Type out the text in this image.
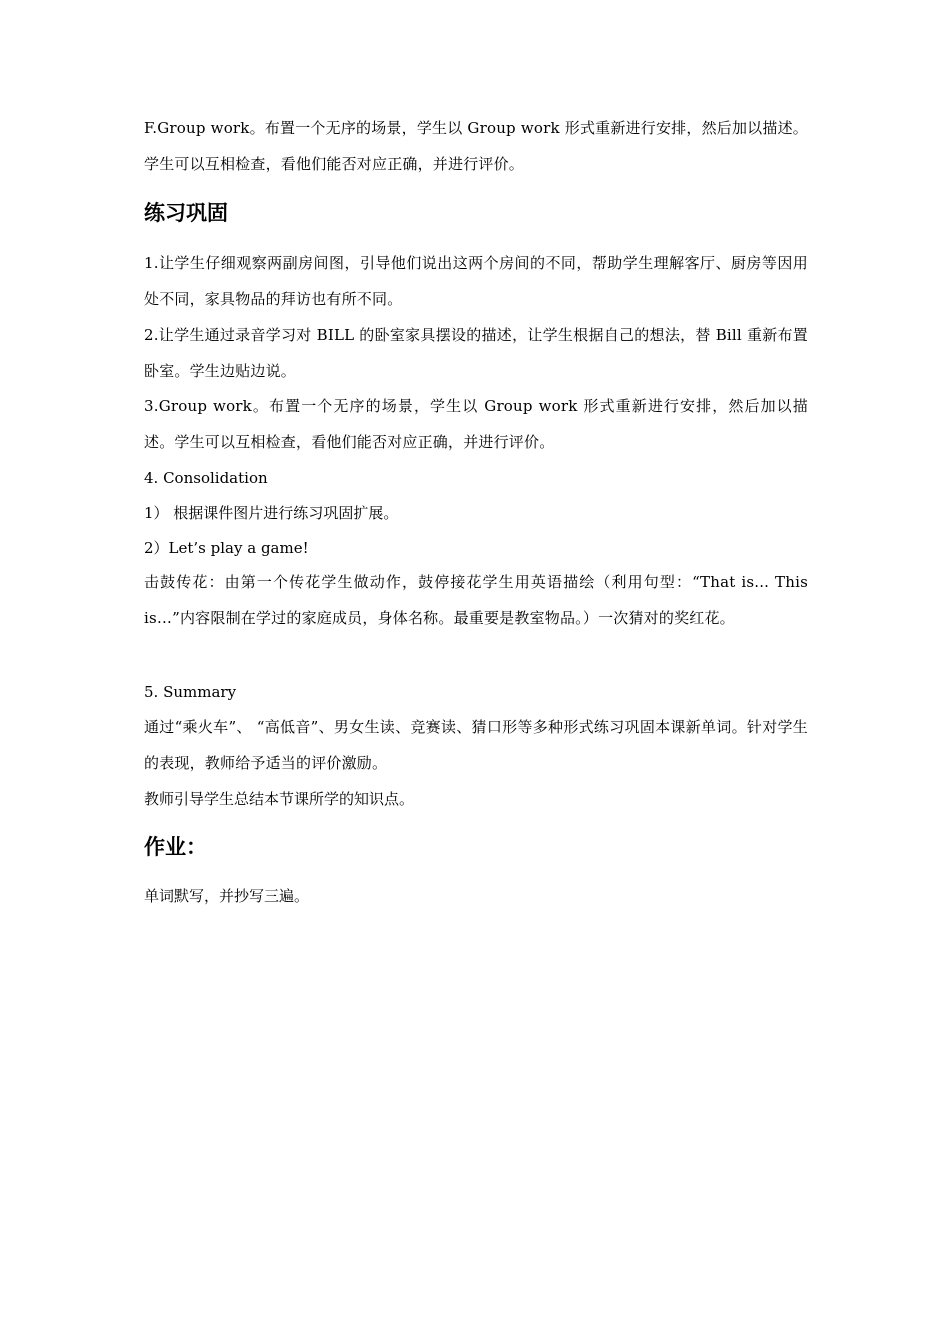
F.Group work。布置一个无序的场景，学生以 Group work 形式重新进行安排，然后加以描述。学生可以互相检查，看他们能否对应正确，并进行评价。

练习巩固

1.让学生仔细观察两副房间图，引导他们说出这两个房间的不同，帮助学生理解客厅、厨房等因用处不同，家具物品的拜访也有所不同。

2.让学生通过录音学习对 BILL 的卧室家具摆设的描述，让学生根据自己的想法，替 Bill 重新布置卧室。学生边贴边说。

3.Group work。布置一个无序的场景，学生以 Group work 形式重新进行安排，然后加以描述。学生可以互相检查，看他们能否对应正确，并进行评价。

4. Consolidation
1） 根据课件图片进行练习巩固扩展。
2）Let’s play a game!

击鼓传花：由第一个传花学生做动作，鼓停接花学生用英语描绘（利用句型：“That is... This is…”内容限制在学过的家庭成员，身体名称。最重要是教室物品。）一次猜对的奖红花。

5. Summary

通过“乘火车”、 “高低音”、男女生读、竞赛读、猜口形等多种形式练习巩固本课新单词。针对学生的表现，教师给予适当的评价激励。

教师引导学生总结本节课所学的知识点。
作业：
单词默写，并抄写三遍。
